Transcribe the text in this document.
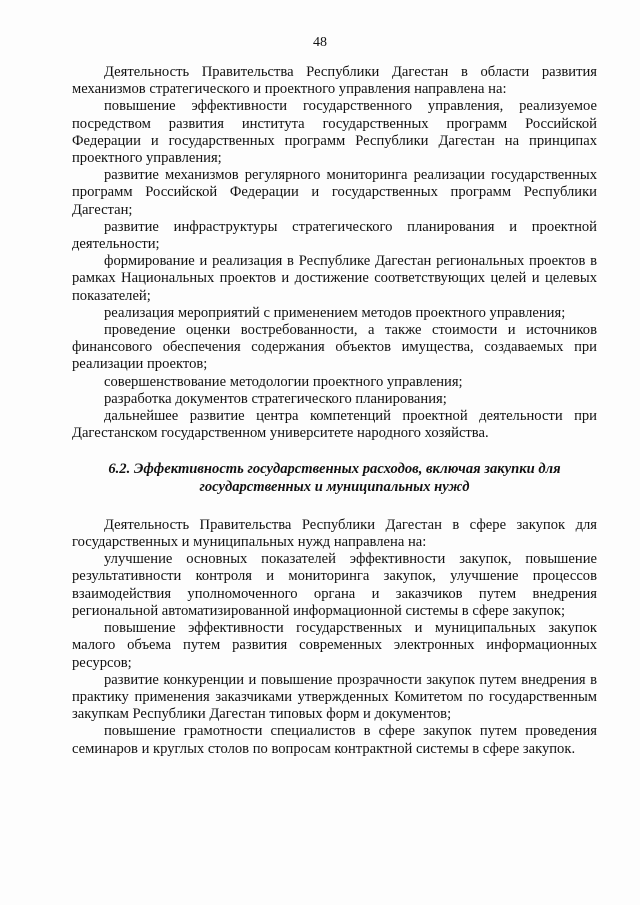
48

Деятельность Правительства Республики Дагестан в области развития механизмов стратегического и проектного управления направлена на:

повышение эффективности государственного управления, реализуемое посредством развития института государственных программ Российской Федерации и государственных программ Республики Дагестан на принципах проектного управления;

развитие механизмов регулярного мониторинга реализации государственных программ Российской Федерации и государственных программ Республики Дагестан;

развитие инфраструктуры стратегического планирования и проектной деятельности;

формирование и реализация в Республике Дагестан региональных проектов в рамках Национальных проектов и достижение соответствующих целей и целевых показателей;

реализация мероприятий с применением методов проектного управления;

проведение оценки востребованности, а также стоимости и источников финансового обеспечения содержания объектов имущества, создаваемых при реализации проектов;

совершенствование методологии проектного управления;

разработка документов стратегического планирования;

дальнейшее развитие центра компетенций проектной деятельности при Дагестанском государственном университете народного хозяйства.

6.2. Эффективность государственных расходов, включая закупки для
государственных и муниципальных нужд

Деятельность Правительства Республики Дагестан в сфере закупок для государственных и муниципальных нужд направлена на:

улучшение основных показателей эффективности закупок, повышение результативности контроля и мониторинга закупок, улучшение процессов взаимодействия уполномоченного органа и заказчиков путем внедрения региональной автоматизированной информационной системы в сфере закупок;

повышение эффективности государственных и муниципальных закупок малого объема путем развития современных электронных информационных ресурсов;

развитие конкуренции и повышение прозрачности закупок путем внедрения в практику применения заказчиками утвержденных Комитетом по государственным закупкам Республики Дагестан типовых форм и документов;

повышение грамотности специалистов в сфере закупок путем проведения семинаров и круглых столов по вопросам контрактной системы в сфере закупок.
